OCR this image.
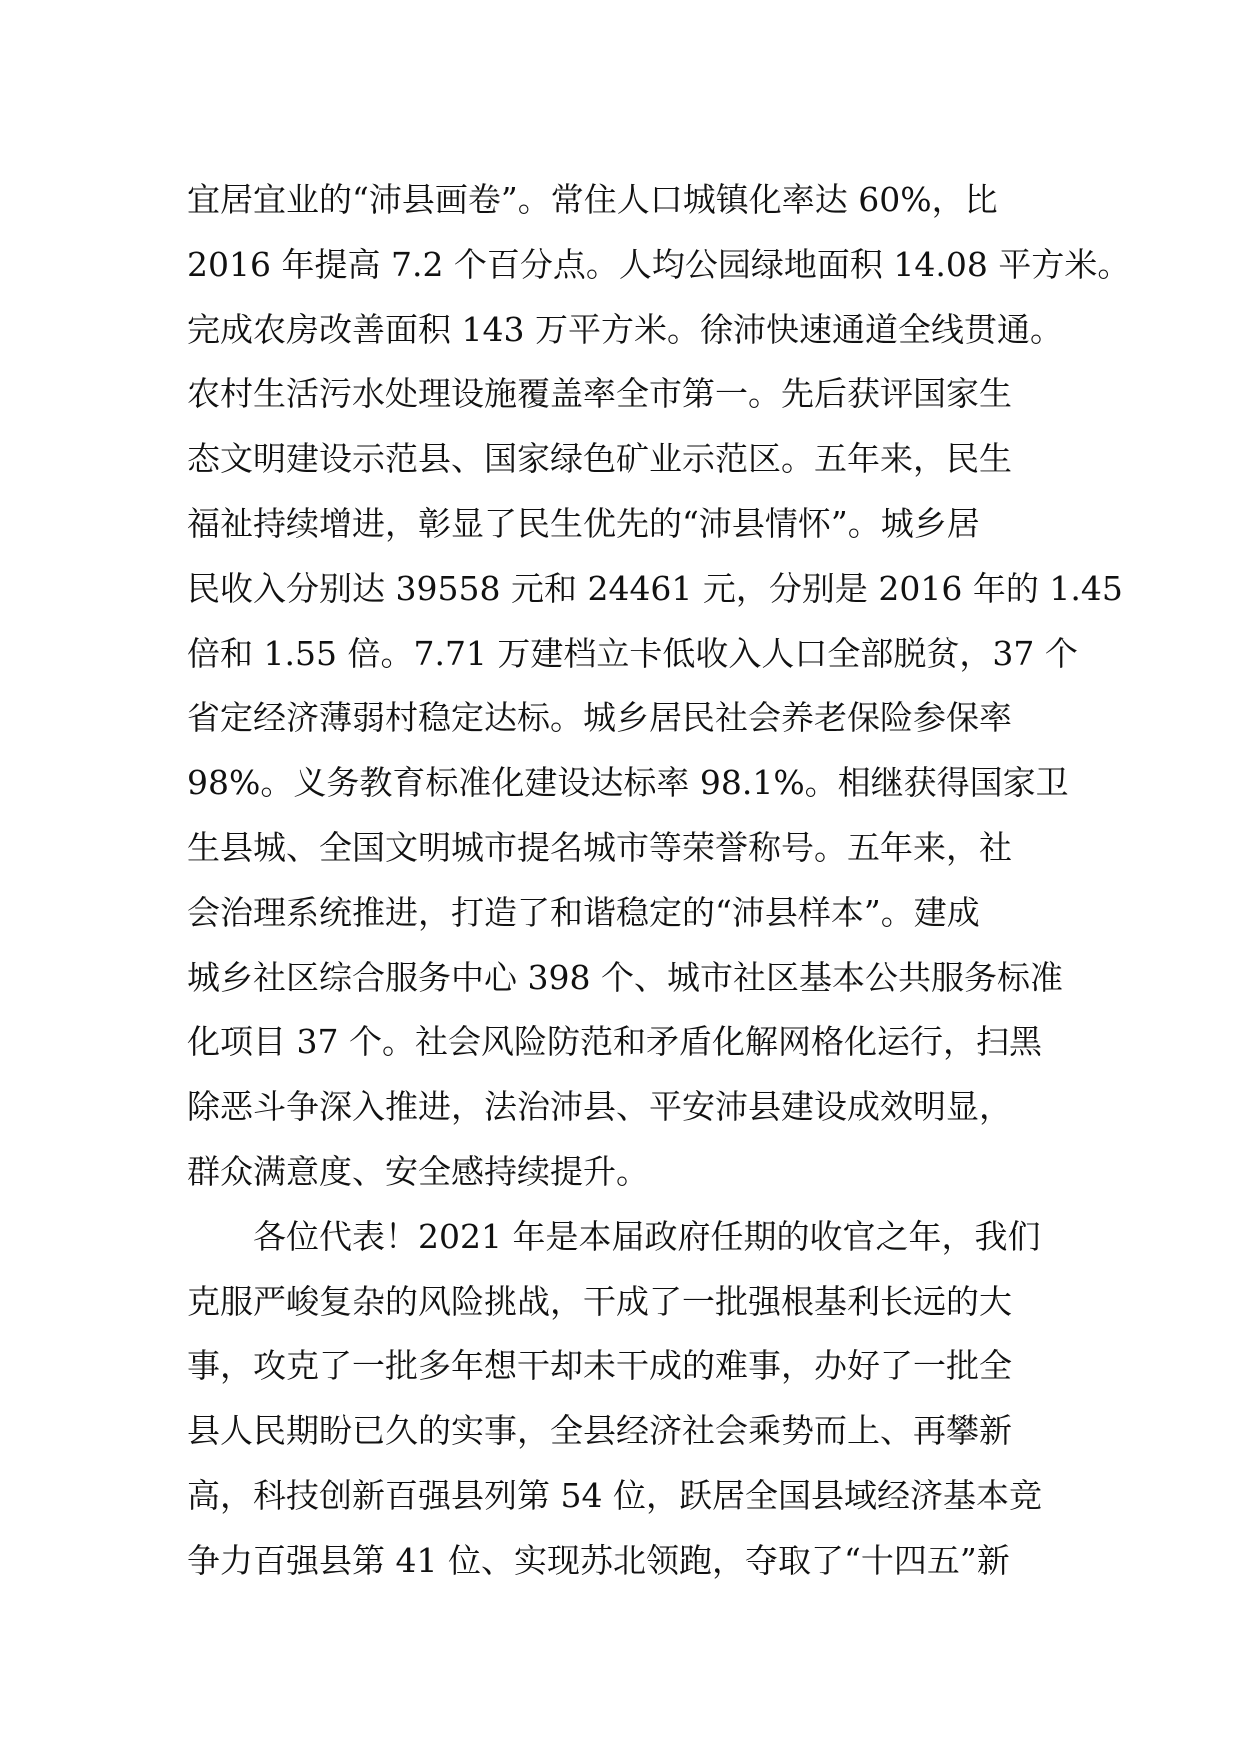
宜居宜业的“沛县画卷”。常住人口城镇化率达 60%，比
2016 年提高 7.2 个百分点。人均公园绿地面积 14.08 平方米。
完成农房改善面积 143 万平方米。徐沛快速通道全线贯通。
农村生活污水处理设施覆盖率全市第一。先后获评国家生
态文明建设示范县、国家绿色矿业示范区。五年来，民生
福祉持续增进，彰显了民生优先的“沛县情怀”。城乡居
民收入分别达 39558 元和 24461 元，分别是 2016 年的 1.45
倍和 1.55 倍。7.71 万建档立卡低收入人口全部脱贫，37 个
省定经济薄弱村稳定达标。城乡居民社会养老保险参保率
98%。义务教育标准化建设达标率 98.1%。相继获得国家卫
生县城、全国文明城市提名城市等荣誉称号。五年来，社
会治理系统推进，打造了和谐稳定的“沛县样本”。建成
城乡社区综合服务中心 398 个、城市社区基本公共服务标准
化项目 37 个。社会风险防范和矛盾化解网格化运行，扫黑
除恶斗争深入推进，法治沛县、平安沛县建设成效明显，
群众满意度、安全感持续提升。
　　各位代表！2021 年是本届政府任期的收官之年，我们
克服严峻复杂的风险挑战，干成了一批强根基利长远的大
事，攻克了一批多年想干却未干成的难事，办好了一批全
县人民期盼已久的实事，全县经济社会乘势而上、再攀新
高，科技创新百强县列第 54 位，跃居全国县域经济基本竞
争力百强县第 41 位、实现苏北领跑，夺取了“十四五”新
